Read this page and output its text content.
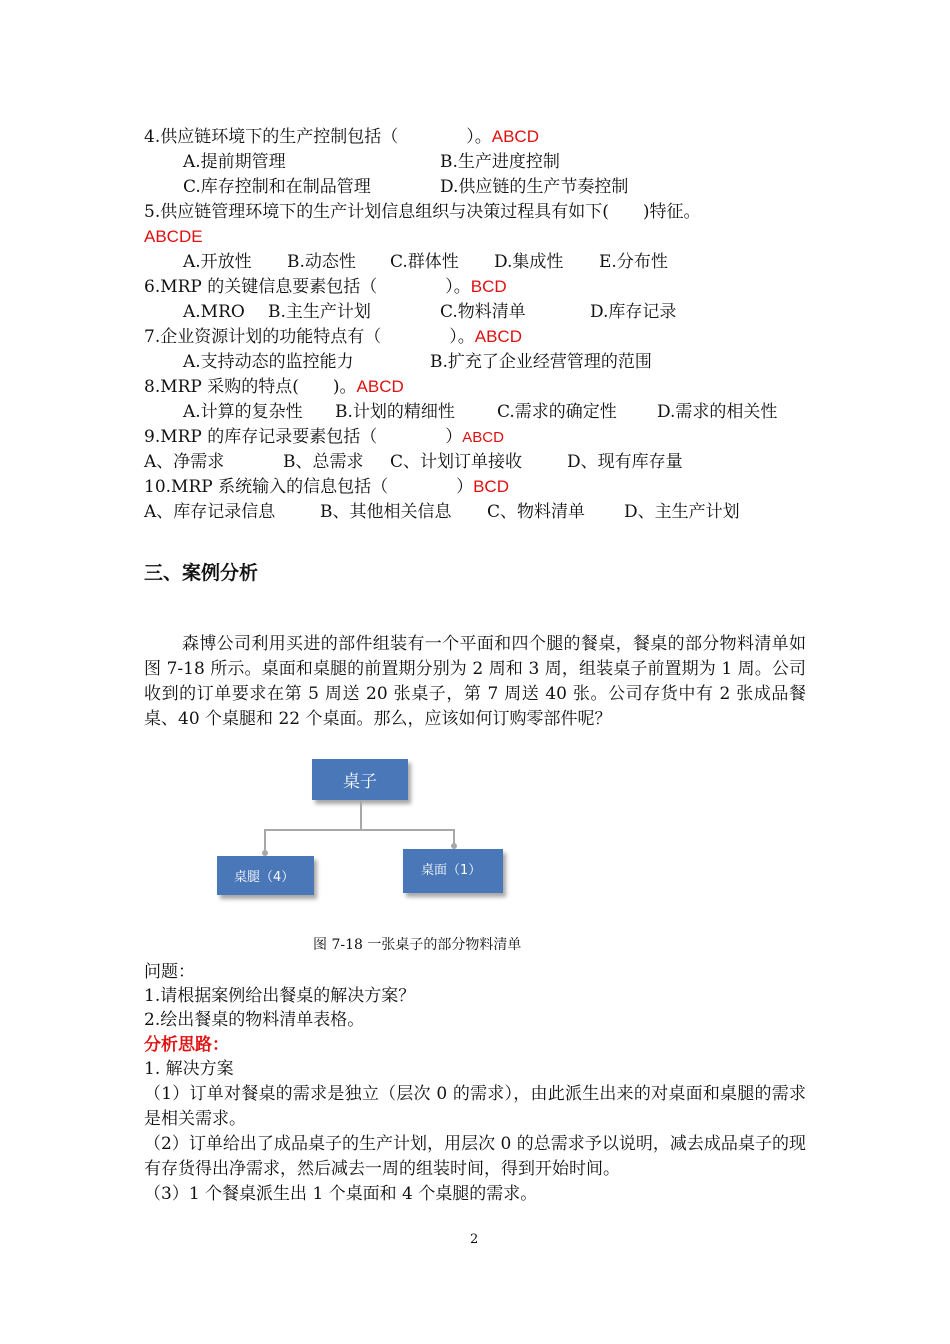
4.供应链环境下的生产控制包括（　　　　）。ABCD
A.提前期管理	B.生产进度控制
C.库存控制和在制品管理	D.供应链的生产节奏控制
5.供应链管理环境下的生产计划信息组织与决策过程具有如下(　　)特征。
ABCDE
A.开放性 B.动态性 C.群体性 D.集成性 E.分布性
6.MRP 的关键信息要素包括（　　　　）。BCD
A.MRO B.主生产计划	C.物料清单	D.库存记录
7.企业资源计划的功能特点有（　　　　）。ABCD
A.支持动态的监控能力	B.扩充了企业经营管理的范围
8.MRP 采购的特点(　　)。ABCD
A.计算的复杂性 B.计划的精细性 C.需求的确定性 D.需求的相关性
9.MRP 的库存记录要素包括（　　　　）ABCD
A、净需求	B、总需求 C、计划订单接收	D、现有库存量
10.MRP 系统输入的信息包括（　　　　）BCD
A、库存记录信息	B、其他相关信息 C、物料清单 D、主生产计划
三、案例分析
森博公司利用买进的部件组装有一个平面和四个腿的餐桌，餐桌的部分物料清单如图 7-18 所示。桌面和桌腿的前置期分别为 2 周和 3 周，组装桌子前置期为 1 周。公司收到的订单要求在第 5 周送 20 张桌子，第 7 周送 40 张。公司存货中有 2 张成品餐桌、40 个桌腿和 22 个桌面。那么，应该如何订购零部件呢？
桌子
桌腿（4）	桌面（1）
图 7-18 一张桌子的部分物料清单
问题：
1.请根据案例给出餐桌的解决方案？
2.绘出餐桌的物料清单表格。
分析思路：
1. 解决方案
（1）订单对餐桌的需求是独立（层次 0 的需求），由此派生出来的对桌面和桌腿的需求是相关需求。
（2）订单给出了成品桌子的生产计划，用层次 0 的总需求予以说明，减去成品桌子的现有存货得出净需求，然后减去一周的组装时间，得到开始时间。
（3）1 个餐桌派生出 1 个桌面和 4 个桌腿的需求。
2
